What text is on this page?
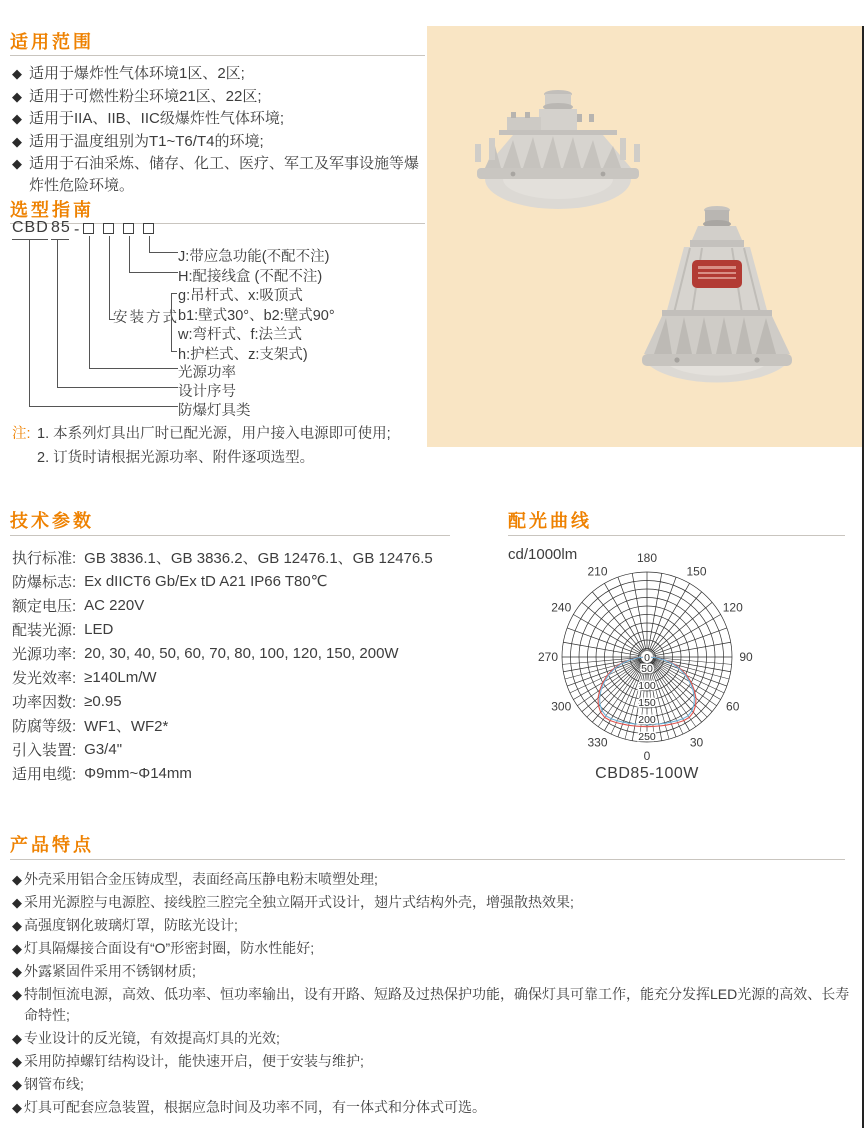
适用范围
◆ 适用于爆炸性气体环境1区、2区;
◆ 适用于可燃性粉尘环境21区、22区;
◆ 适用于IIA、IIB、IIC级爆炸性气体环境;
◆ 适用于温度组别为T1~T6/T4的环境;
◆ 适用于石油采炼、储存、化工、医疗、军工及军事设施等爆炸性危险环境。
选型指南
CBD 85 -
J:带应急功能(不配不注)
H:配接线盒 (不配不注)
安装方式
g:吊杆式、x:吸顶式
b1:壁式30°、b2:壁式90°
w:弯杆式、f:法兰式
h:护栏式、z:支架式)
光源功率
设计序号
防爆灯具类
注: 1. 本系列灯具出厂时已配光源，用户接入电源即可使用;
2. 订货时请根据光源功率、附件逐项选型。
技术参数
执行标准: GB 3836.1、GB 3836.2、GB 12476.1、GB 12476.5
防爆标志: Ex dIICT6 Gb/Ex tD A21 IP66 T80℃
额定电压: AC 220V
配装光源: LED
光源功率: 20, 30, 40, 50, 60, 70, 80, 100, 120, 150, 200W
发光效率: ≥140Lm/W
功率因数: ≥0.95
防腐等级: WF1、WF2*
引入装置: G3/4"
适用电缆: Φ9mm~Φ14mm
配光曲线
cd/1000lm
0
30
60
90
120
150
180
210
240
270
300
330
0
50
100
150
200
250
CBD85-100W
产品特点
◆ 外壳采用铝合金压铸成型，表面经高压静电粉末喷塑处理;
◆ 采用光源腔与电源腔、接线腔三腔完全独立隔开式设计，翅片式结构外壳，增强散热效果;
◆ 高强度钢化玻璃灯罩，防眩光设计;
◆ 灯具隔爆接合面设有“O”形密封圈，防水性能好;
◆ 外露紧固件采用不锈钢材质;
◆ 特制恒流电源，高效、低功率、恒功率输出，设有开路、短路及过热保护功能，确保灯具可靠工作，能充分发挥LED光源的高效、长寿命特性;
◆ 专业设计的反光镜，有效提高灯具的光效;
◆ 采用防掉螺钉结构设计，能快速开启，便于安装与维护;
◆ 钢管布线;
◆ 灯具可配套应急装置，根据应急时间及功率不同，有一体式和分体式可选。
